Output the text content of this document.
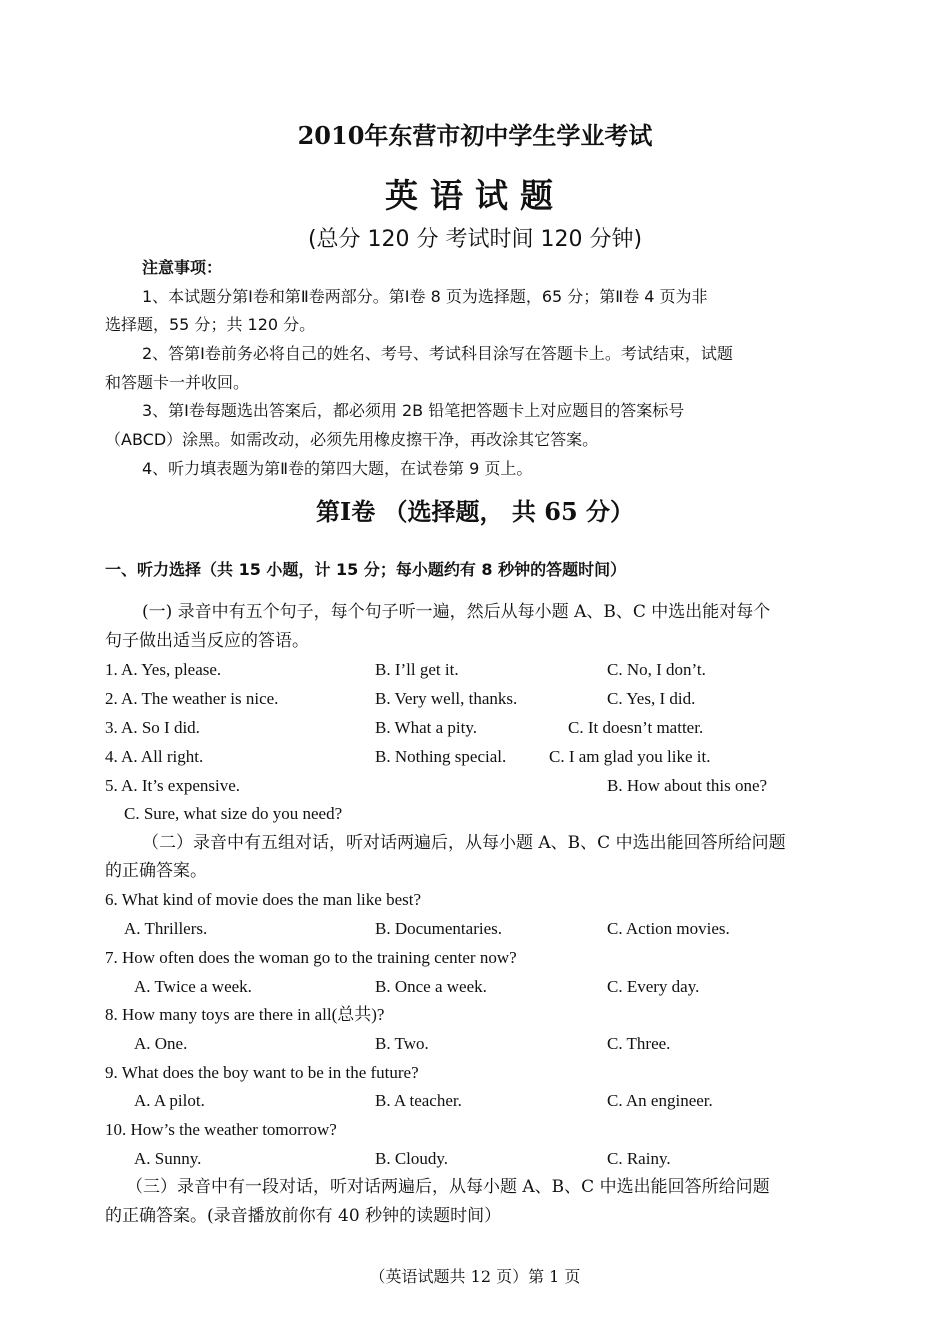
2010年东营市初中学生学业考试
英语试题
(总分 120 分 考试时间 120 分钟)
注意事项：
1、本试题分第Ⅰ卷和第Ⅱ卷两部分。第Ⅰ卷 8 页为选择题，65 分；第Ⅱ卷 4 页为非
选择题，55 分；共 120 分。
2、答第Ⅰ卷前务必将自己的姓名、考号、考试科目涂写在答题卡上。考试结束，试题
和答题卡一并收回。
3、第Ⅰ卷每题选出答案后，都必须用 2B 铅笔把答题卡上对应题目的答案标号
（ABCD）涂黑。如需改动，必须先用橡皮擦干净，再改涂其它答案。
4、听力填表题为第Ⅱ卷的第四大题，在试卷第 9 页上。
第Ⅰ卷 （选择题， 共 65 分）
一、听力选择（共 15 小题，计 15 分；每小题约有 8 秒钟的答题时间）
(一) 录音中有五个句子，每个句子听一遍，然后从每小题 A、B、C 中选出能对每个
句子做出适当反应的答语。
1. A. Yes, please.	B. I’ll get it.	C. No, I don’t.
2. A. The weather is nice.	B. Very well, thanks.	C. Yes, I did.
3. A. So I did.	B. What a pity.	C. It doesn’t matter.
4. A. All right.	B. Nothing special.	C. I am glad you like it.
5. A. It’s expensive.	B. How about this one?
C. Sure, what size do you need?
（二）录音中有五组对话，听对话两遍后，从每小题 A、B、C 中选出能回答所给问题
的正确答案。
6. What kind of movie does the man like best?
A. Thrillers.	B. Documentaries.	C. Action movies.
7. How often does the woman go to the training center now?
A. Twice a week.	B. Once a week.	C. Every day.
8. How many toys are there in all(总共)?
A. One.	B. Two.	C. Three.
9. What does the boy want to be in the future?
A. A pilot.	B. A teacher.	C. An engineer.
10. How’s the weather tomorrow?
A. Sunny.	B. Cloudy.	C. Rainy.
（三）录音中有一段对话，听对话两遍后，从每小题 A、B、C 中选出能回答所给问题
的正确答案。(录音播放前你有 40 秒钟的读题时间）
（英语试题共 12 页）第 1 页
